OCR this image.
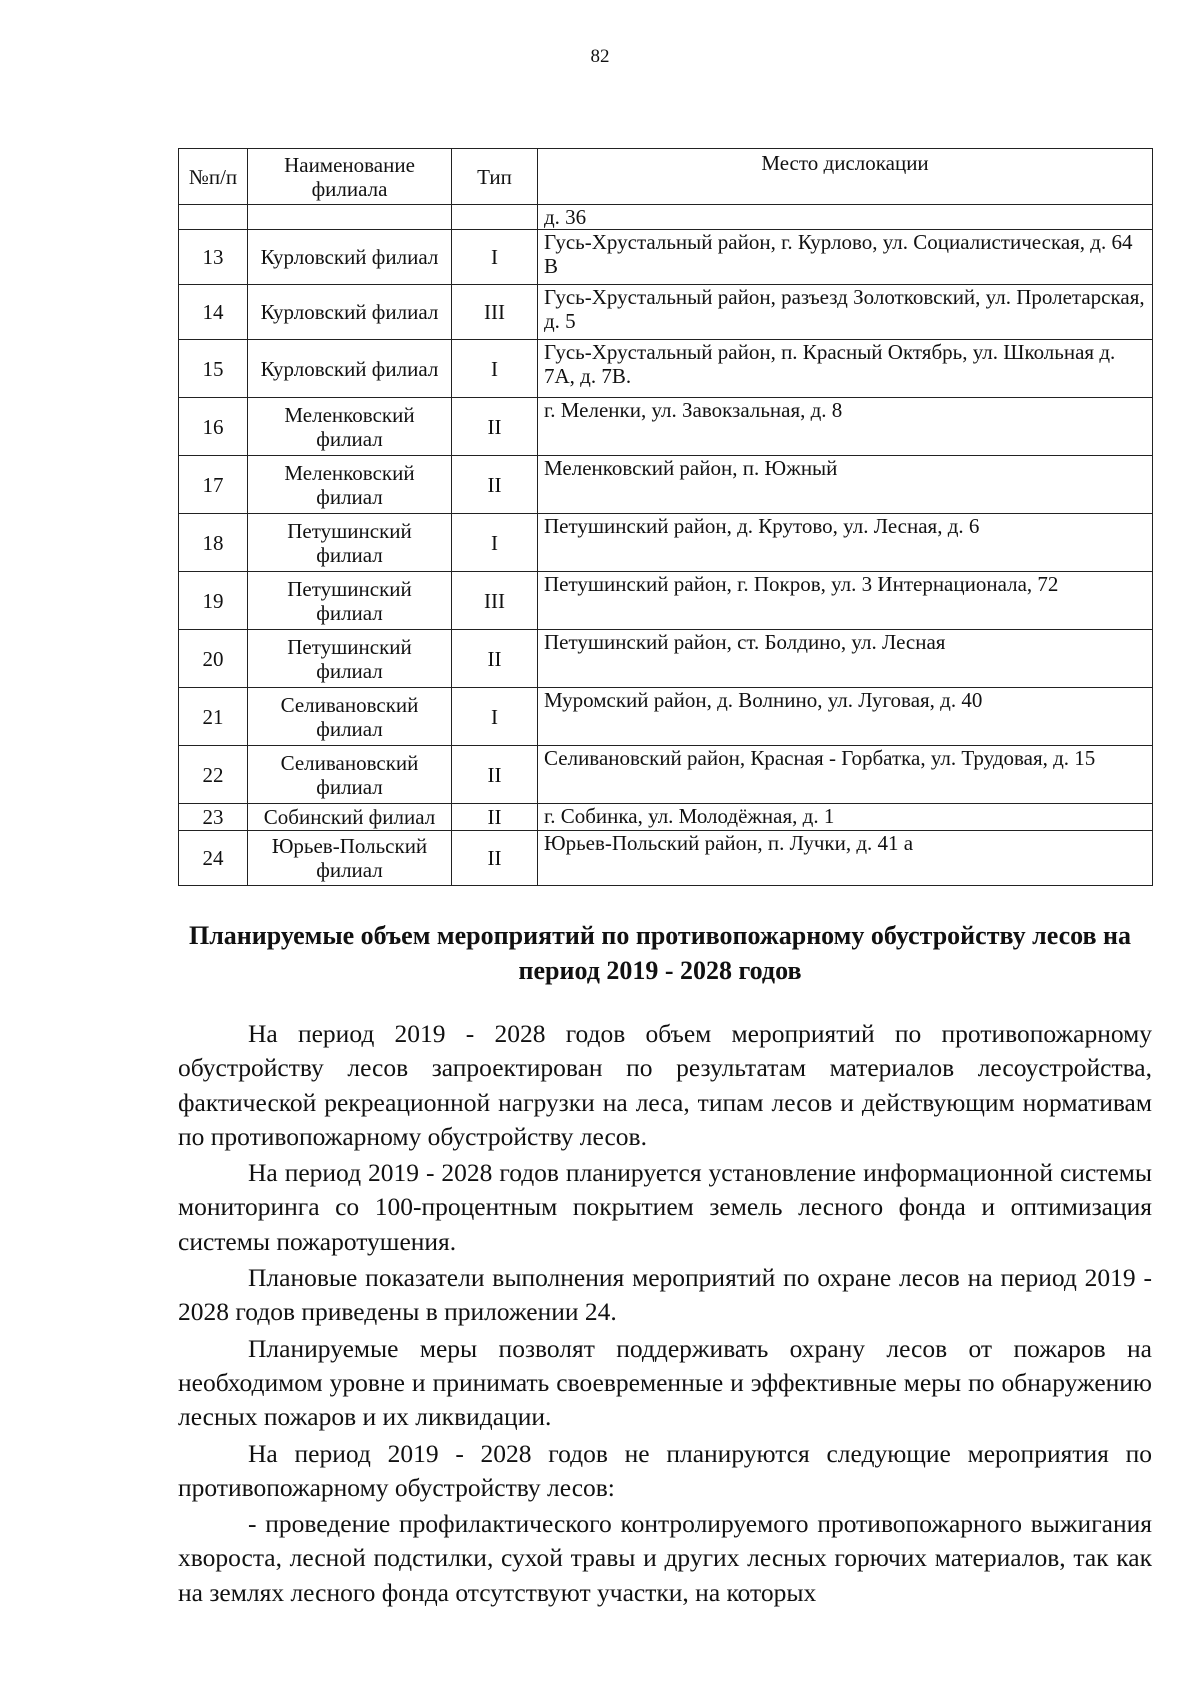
82
№п/п	Наименование филиала	Тип	Место дислокации
			д. 36
13	Курловский филиал	I	Гусь-Хрустальный район, г. Курлово, ул. Социалистическая, д. 64 В
14	Курловский филиал	III	Гусь-Хрустальный район, разъезд Золотковский, ул. Пролетарская, д. 5
15	Курловский филиал	I	Гусь-Хрустальный район, п. Красный Октябрь, ул. Школьная д. 7А, д. 7В.
16	Меленковский филиал	II	г. Меленки, ул. Завокзальная, д. 8
17	Меленковский филиал	II	Меленковский район, п. Южный
18	Петушинский филиал	I	Петушинский район, д. Крутово, ул. Лесная, д. 6
19	Петушинский филиал	III	Петушинский район, г. Покров, ул. 3 Интернационала, 72
20	Петушинский филиал	II	Петушинский район, ст. Болдино, ул. Лесная
21	Селивановский филиал	I	Муромский район, д. Волнино, ул. Луговая, д. 40
22	Селивановский филиал	II	Селивановский район, Красная - Горбатка, ул. Трудовая, д. 15
23	Собинский филиал	II	г. Собинка, ул. Молодёжная, д. 1
24	Юрьев-Польский филиал	II	Юрьев-Польский район, п. Лучки, д. 41 а
Планируемые объем мероприятий по противопожарному обустройству лесов на период 2019 - 2028 годов

На период 2019 - 2028 годов объем мероприятий по противопожарному обустройству лесов запроектирован по результатам материалов лесоустройства, фактической рекреационной нагрузки на леса, типам лесов и действующим нормативам по противопожарному обустройству лесов.

На период 2019 - 2028 годов планируется установление информационной системы мониторинга со 100-процентным покрытием земель лесного фонда и оптимизация системы пожаротушения.

Плановые показатели выполнения мероприятий по охране лесов на период 2019 - 2028 годов приведены в приложении 24.

Планируемые меры позволят поддерживать охрану лесов от пожаров на необходимом уровне и принимать своевременные и эффективные меры по обнаружению лесных пожаров и их ликвидации.

На период 2019 - 2028 годов не планируются следующие мероприятия по противопожарному обустройству лесов:

- проведение профилактического контролируемого противопожарного выжигания хвороста, лесной подстилки, сухой травы и других лесных горючих материалов, так как на землях лесного фонда отсутствуют участки, на которых
